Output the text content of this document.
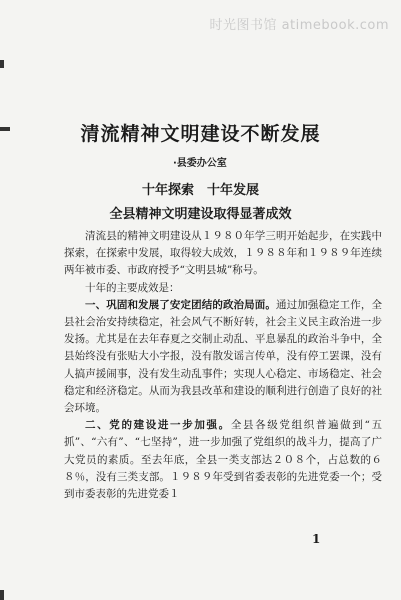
时光图书馆 atimebook.com
清流精神文明建设不断发展
·县委办公室
十年探索　十年发展
全县精神文明建设取得显著成效

清流县的精神文明建设从１９８０年学三明开始起步，在实践中探索，在探索中发展，取得较大成效，１９８８年和１９８９年连续两年被市委、市政府授予“文明县城”称号。

十年的主要成效是：

一、巩固和发展了安定团结的政治局面。通过加强稳定工作，全县社会治安持续稳定，社会风气不断好转，社会主义民主政治进一步发扬。尤其是在去年春夏之交制止动乱、平息暴乱的政治斗争中，全县始终没有张贴大小字报，没有散发谣言传单，没有停工罢课，没有人搞声援闹事，没有发生动乱事件；实现人心稳定、市场稳定、社会稳定和经济稳定。从而为我县改革和建设的顺利进行创造了良好的社会环境。

二、党的建设进一步加强。全县各级党组织普遍做到“五抓”、“六有”、“七坚持”，进一步加强了党组织的战斗力，提高了广大党员的素质。至去年底，全县一类支部达２０８个，占总数的６８％，没有三类支部。１９８９年受到省委表彰的先进党委一个；受到市委表彰的先进党委１

1
